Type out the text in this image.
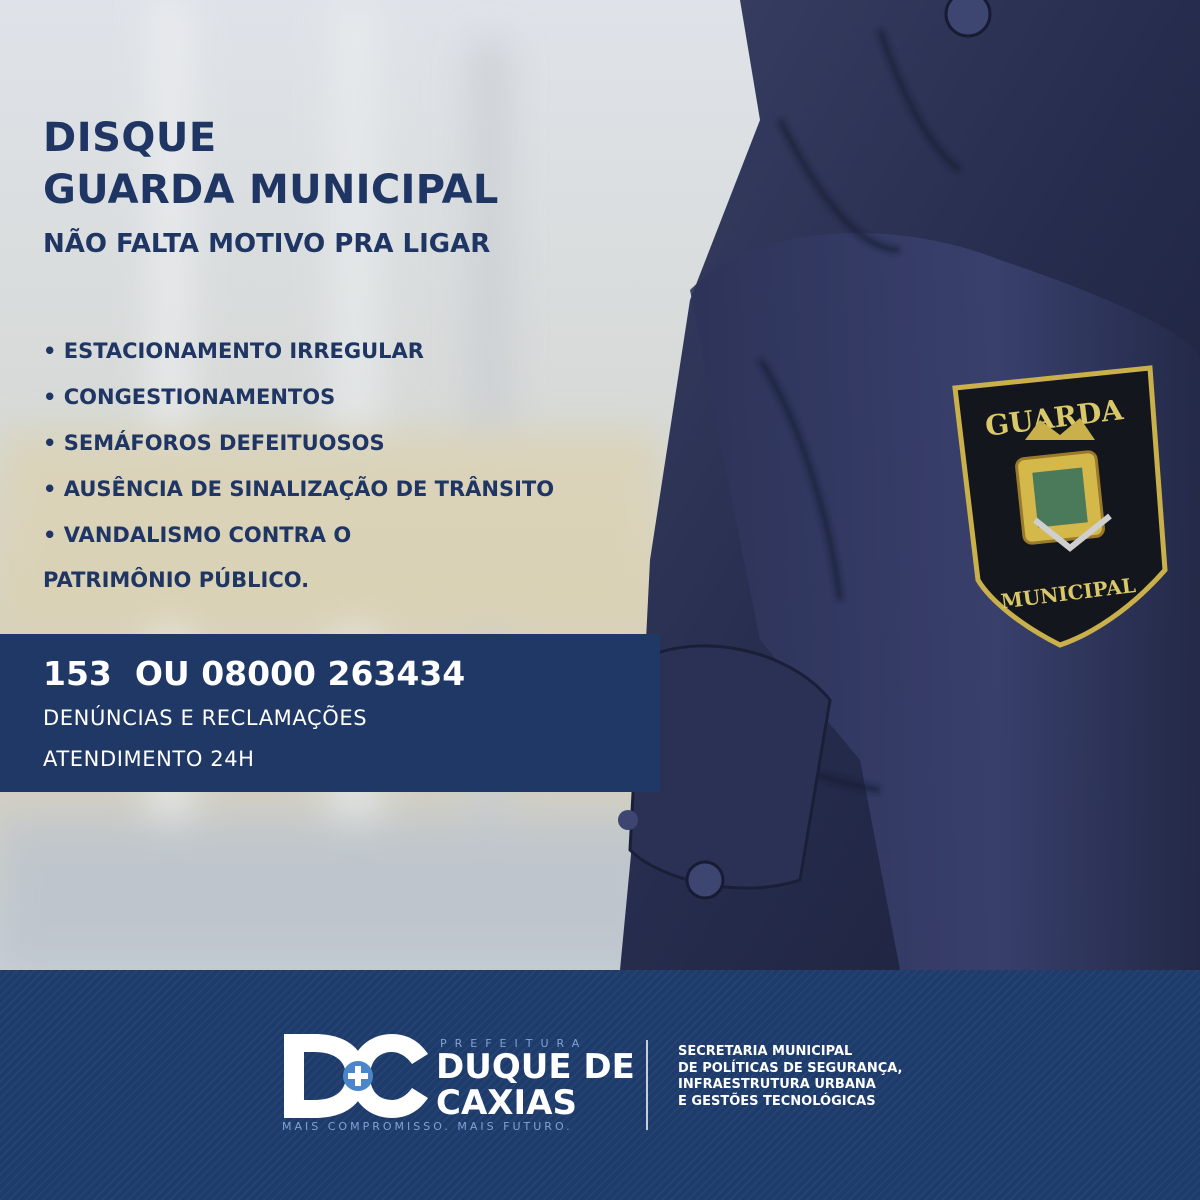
GUARDA
MUNICIPAL
DISQUE
GUARDA MUNICIPAL
NÃO FALTA MOTIVO PRA LIGAR
• ESTACIONAMENTO IRREGULAR
• CONGESTIONAMENTOS
• SEMÁFOROS DEFEITUOSOS
• AUSÊNCIA DE SINALIZAÇÃO DE TRÂNSITO
• VANDALISMO CONTRA O
PATRIMÔNIO PÚBLICO.
153  OU 08000 263434
DENÚNCIAS E RECLAMAÇÕES
ATENDIMENTO 24H
PREFEITURA
DUQUE DE
CAXIAS
MAIS COMPROMISSO. MAIS FUTURO.
SECRETARIA MUNICIPAL
DE POLÍTICAS DE SEGURANÇA,
INFRAESTRUTURA URBANA
E GESTÕES TECNOLÓGICAS
